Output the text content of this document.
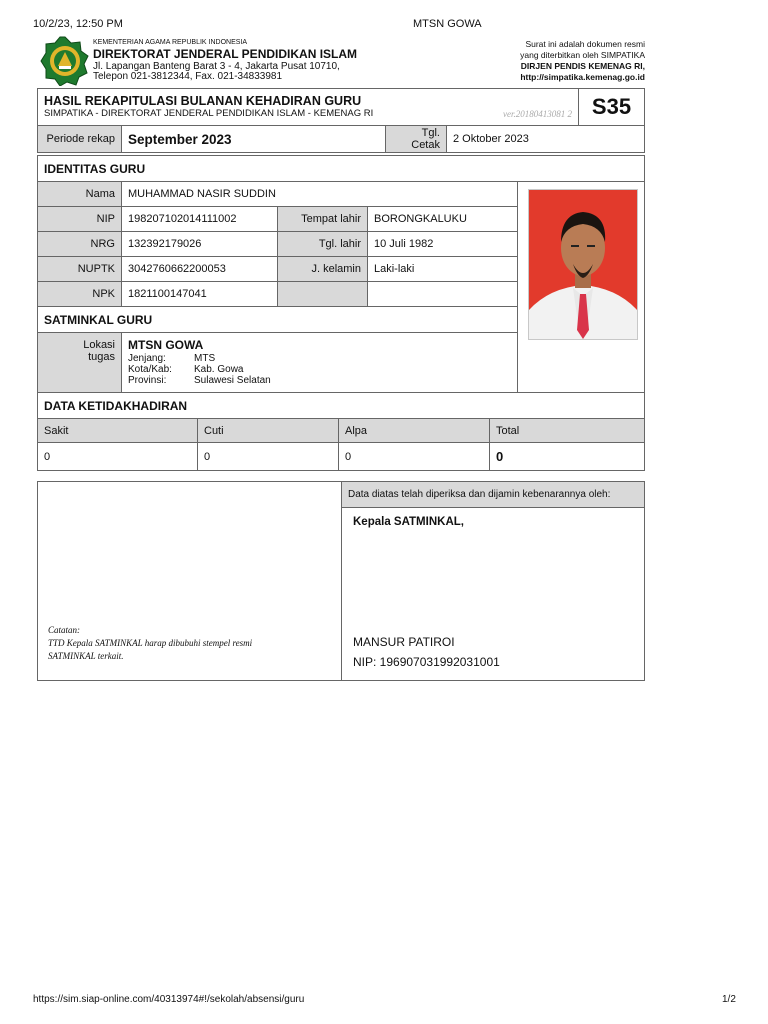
10/2/23, 12:50 PM	MTSN GOWA
KEMENTERIAN AGAMA REPUBLIK INDONESIA
DIREKTORAT JENDERAL PENDIDIKAN ISLAM
Jl. Lapangan Banteng Barat 3 - 4, Jakarta Pusat 10710,
Telepon 021-3812344, Fax. 021-34833981
Surat ini adalah dokumen resmi
yang diterbitkan oleh SIMPATIKA
DIRJEN PENDIS KEMENAG RI,
http://simpatika.kemenag.go.id
HASIL REKAPITULASI BULANAN KEHADIRAN GURU
SIMPATIKA - DIREKTORAT JENDERAL PENDIDIKAN ISLAM - KEMENAG RI	ver.20180413081 2 S35
Periode rekap September 2023	Tgl. Cetak 2 Oktober 2023
IDENTITAS GURU
Nama MUHAMMAD NASIR SUDDIN
NIP 198207102014111002	Tempat lahir BORONGKALUKU
NRG 132392179026	Tgl. lahir 10 Juli 1982
NUPTK 3042760662200053	J. kelamin Laki-laki
NPK 1821100147041
SATMINKAL GURU
Lokasi
tugas
MTSN GOWA
Jenjang:	MTS
Kota/Kab: Kab. Gowa
Provinsi:	Sulawesi Selatan
DATA KETIDAKHADIRAN
Sakit	Cuti	Alpa	Total
0	0	0	0
Catatan:
TTD Kepala SATMINKAL harap dibubuhi stempel resmi
SATMINKAL terkait.
Data diatas telah diperiksa dan dijamin kebenarannya oleh:
Kepala SATMINKAL,
MANSUR PATIROI
NIP: 196907031992031001
https://sim.siap-online.com/40313974#!/sekolah/absensi/guru	1/2
